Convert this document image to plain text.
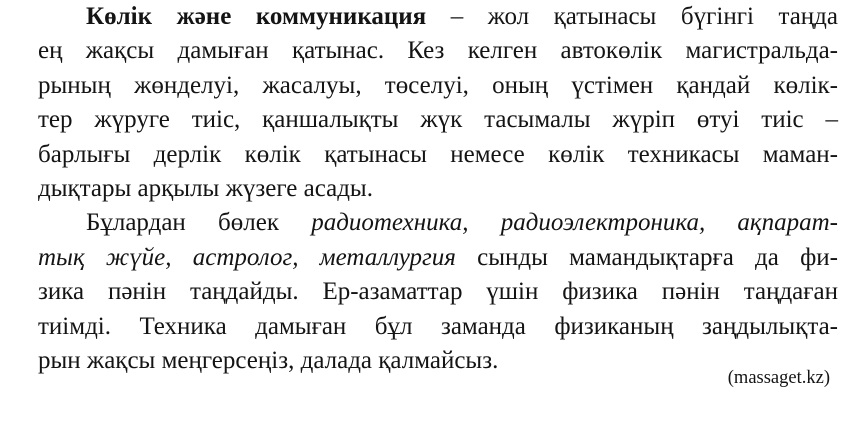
Көлік және коммуникация – жол қатынасы бүгінгі таңда
ең жақсы дамыған қатынас. Кез келген автокөлік магистральда-
рының жөнделуі, жасалуы, төселуі, оның үстімен қандай көлік-
тер жүруге тиіс, қаншалықты жүк тасымалы жүріп өтуі тиіс –
барлығы дерлік көлік қатынасы немесе көлік техникасы маман-
дықтары арқылы жүзеге асады.
Бұлардан бөлек радиотехника, радиоэлектроника, ақпарат-
тық жүйе, астролог, металлургия сынды мамандықтарға да фи-
зика пәнін таңдайды. Ер-азаматтар үшін физика пәнін таңдаған
тиімді. Техника дамыған бұл заманда физиканың заңдылықта-
рын жақсы меңгерсеңіз, далада қалмайсыз.
(massaget.kz)
